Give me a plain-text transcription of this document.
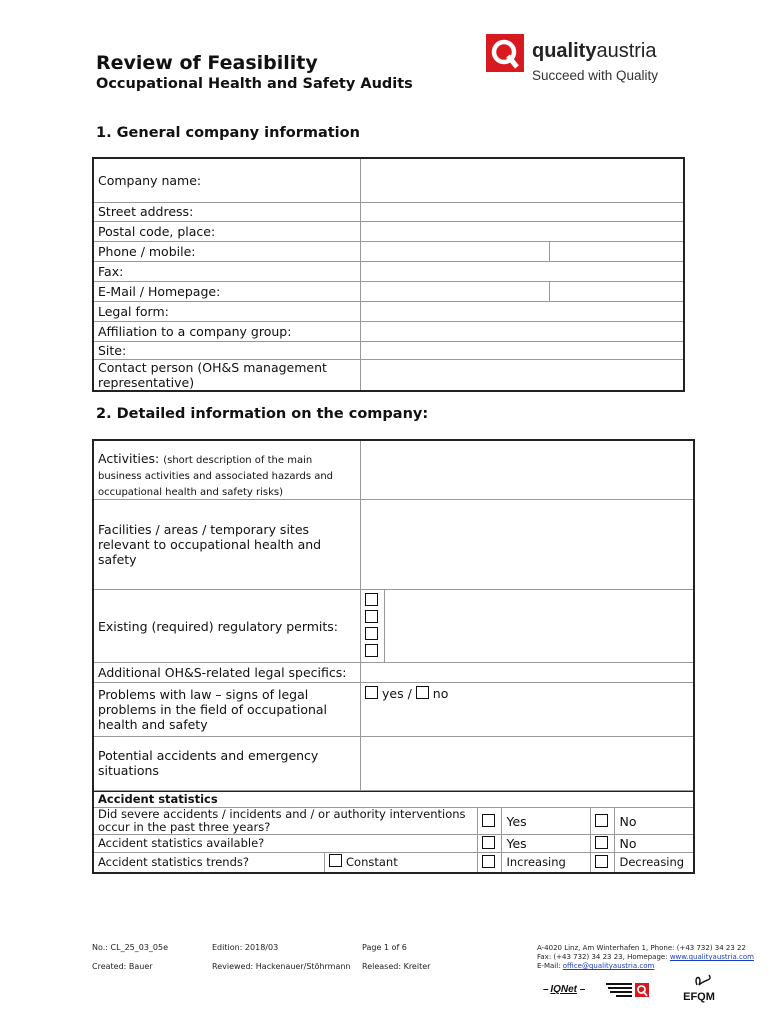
Review of Feasibility
Occupational Health and Safety Audits
qualityaustria
Succeed with Quality
1. General company information
Company name:		
Street address:		
Postal code, place:		
Phone / mobile:		
Fax:		
E-Mail / Homepage:		
Legal form:		
Affiliation to a company group:		
Site:		
Contact person (OH&S management representative)		
2. Detailed information on the company:
Activities: (short description of the main business activities and associated hazards and occupational health and safety risks)		
Facilities / areas / temporary sites relevant to occupational health and safety		
Existing (required) regulatory permits:	

Additional OH&S-related legal specifics:		
Problems with law – signs of legal problems in the field of occupational health and safety	yes / no	
Potential accidents and emergency situations		
Accident statistics					
Did severe accidents / incidents and / or authority interventions occur in the past three years?			Yes		No
Accident statistics available?			Yes		No
Accident statistics trends?	Constant		Increasing		Decreasing
No.: CL_25_03_05e
Created: Bauer
Edition: 2018/03
Reviewed: Hackenauer/Stöhrmann
Page 1 of 6
Released: Kreiter
A-4020 Linz, Am Winterhafen 1, Phone: (+43 732) 34 23 22
Fax: (+43 732) 34 23 23, Homepage: www.qualityaustria.com
E-Mail: office@qualityaustria.com
– IQNet –
EFQM
